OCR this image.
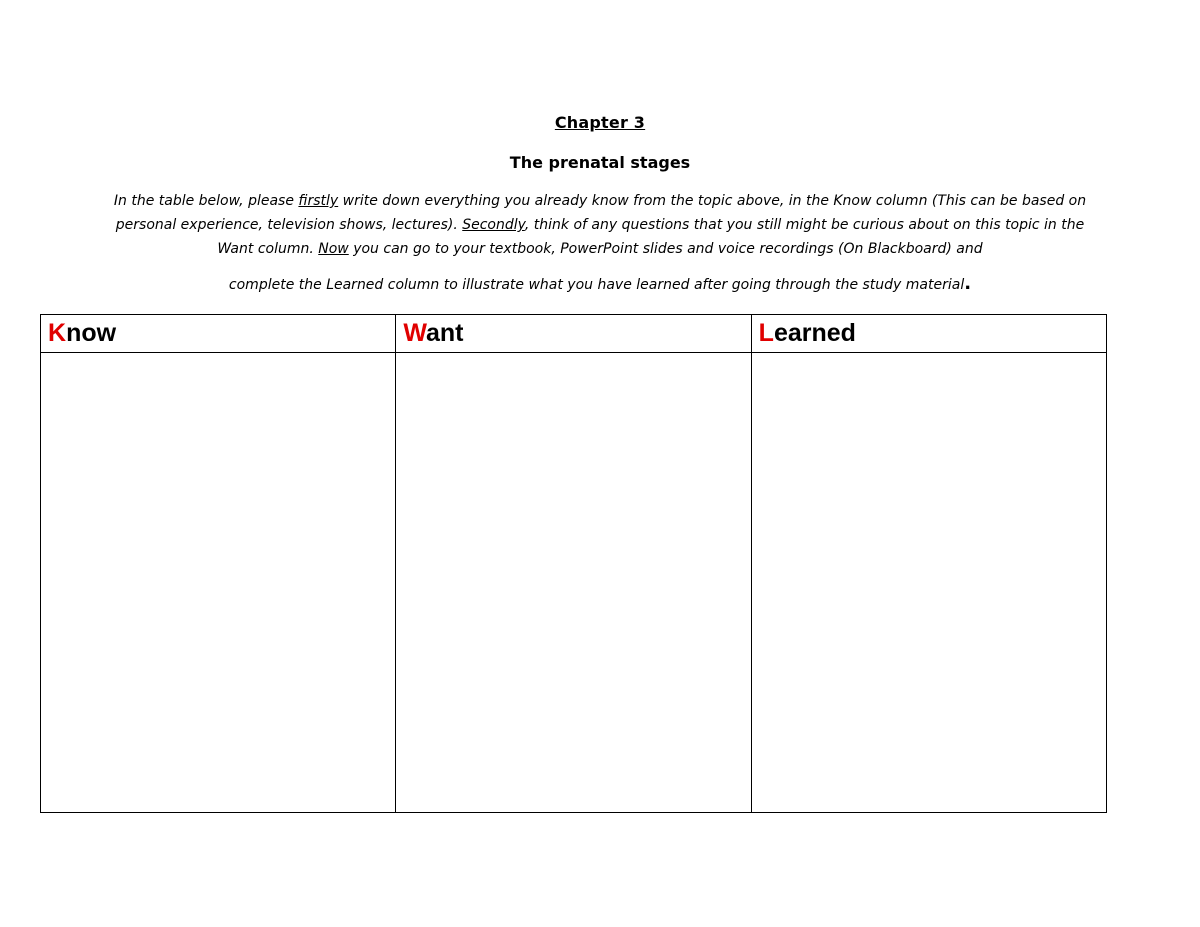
Chapter 3
The prenatal stages
In the table below, please firstly write down everything you already know from the topic above, in the Know column (This can be based on personal experience, television shows, lectures). Secondly, think of any questions that you still might be curious about on this topic in the Want column. Now you can go to your textbook, PowerPoint slides and voice recordings (On Blackboard) and
complete the Learned column to illustrate what you have learned after going through the study material.
Know	Want	Learned
